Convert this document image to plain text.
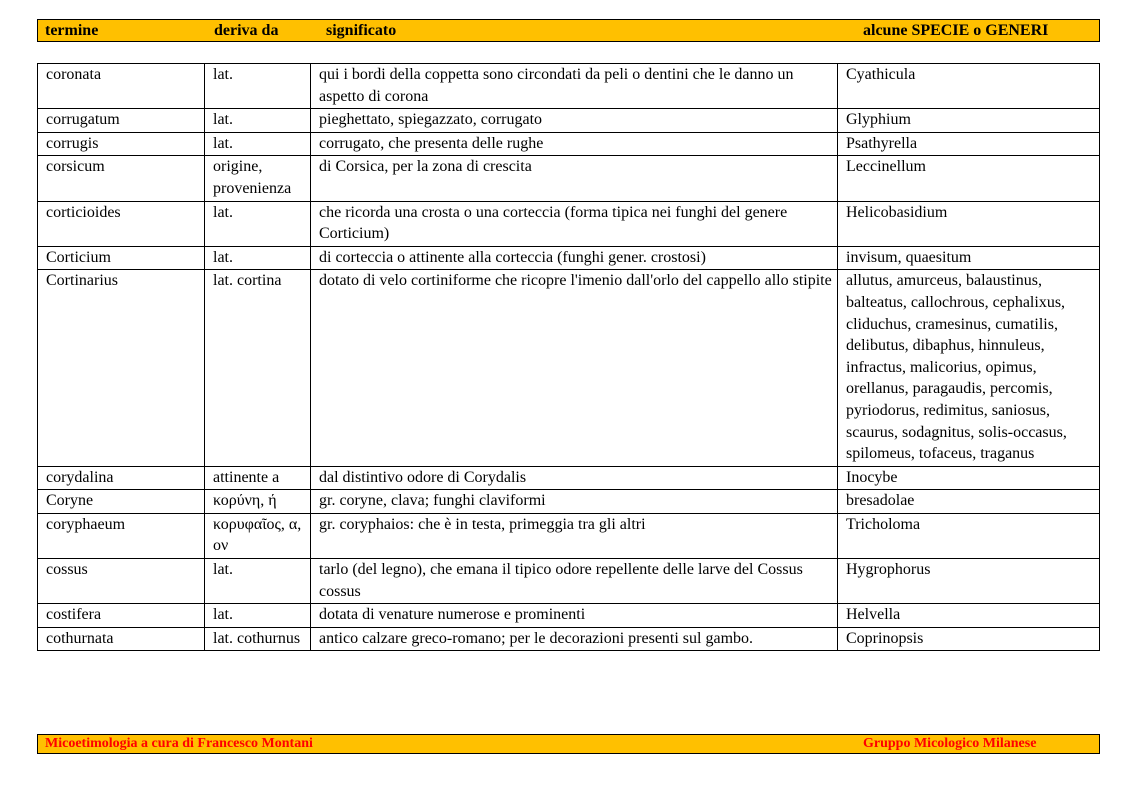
termine	deriva da	significato	alcune SPECIE o GENERI
coronata	lat.	qui i bordi della coppetta sono circondati da peli o dentini che le danno un aspetto di corona	Cyathicula
corrugatum	lat.	pieghettato, spiegazzato, corrugato	Glyphium
corrugis	lat.	corrugato, che presenta delle rughe	Psathyrella
corsicum	origine, provenienza	di Corsica, per la zona di crescita	Leccinellum
corticioides	lat.	che ricorda una crosta o una corteccia (forma tipica nei funghi del genere Corticium)	Helicobasidium
Corticium	lat.	di corteccia o attinente alla corteccia (funghi gener. crostosi)	invisum, quaesitum
Cortinarius	lat. cortina	dotato di velo cortiniforme che ricopre l'imenio dall'orlo del cappello allo stipite	allutus, amurceus, balaustinus, balteatus, callochrous, cephalixus, cliduchus, cramesinus, cumatilis, delibutus, dibaphus, hinnuleus, infractus, malicorius, opimus, orellanus, paragaudis, percomis, pyriodorus, redimitus, saniosus, scaurus, sodagnitus, solis-occasus, spilomeus, tofaceus, traganus
corydalina	attinente a	dal distintivo odore di Corydalis	Inocybe
Coryne	κορύνη, ή	gr. coryne, clava; funghi claviformi	bresadolae
coryphaeum	κορυφαῖος, α, ον	gr. coryphaios: che è in testa, primeggia tra gli altri	Tricholoma
cossus	lat.	tarlo (del legno), che emana il tipico odore repellente delle larve del Cossus cossus	Hygrophorus
costifera	lat.	dotata di venature numerose e prominenti	Helvella
cothurnata	lat. cothurnus	antico calzare greco-romano; per le decorazioni presenti sul gambo.	Coprinopsis
Micoetimologia a cura di Francesco Montani	Gruppo Micologico Milanese
